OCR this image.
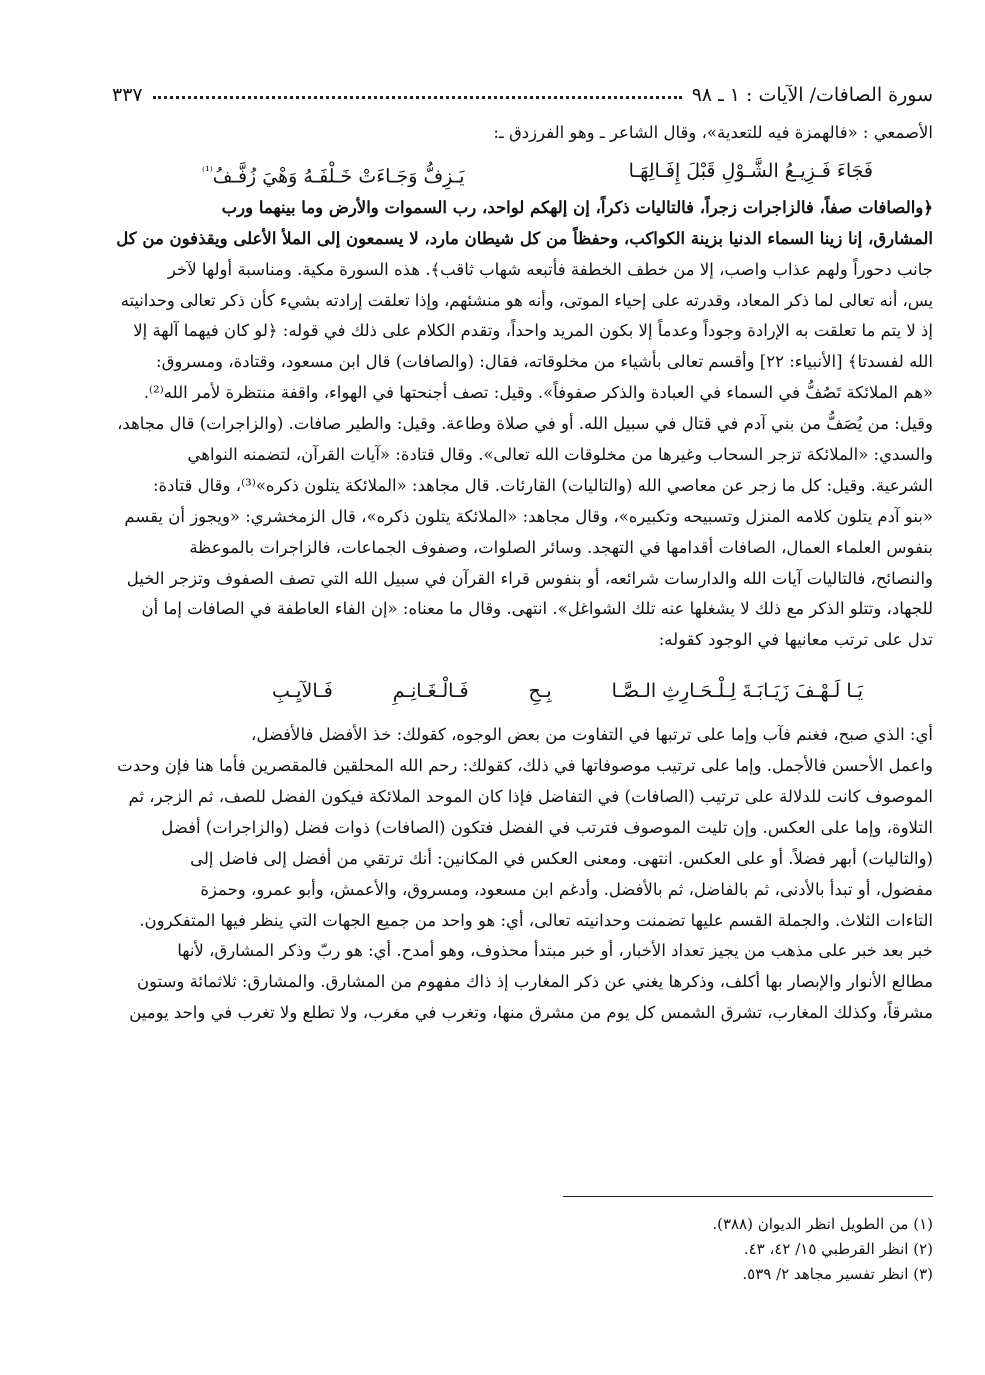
سورة الصافات/ الآيات : ١ ـ ٩٨
٣٣٧
الأصمعي : «فالهمزة فيه للتعدية»، وقال الشاعر ـ وهو الفرزدق ـ:
فَجَاءَ فَـزِيـعُ الشَّـوْلِ قَبْلَ إِفَـالِهَـا
يَـزِفُّ وَجَـاءَتْ خَـلْفَـهُ وَهْيَ زُفَّـفُ$^{^{(1)}}$
﴿والصافات صفاً، فالزاجرات زجراً، فالتاليات ذكراً، إن إلهكم لواحد، رب السموات والأرض وما بينهما ورب
المشارق، إنا زينا السماء الدنيا بزينة الكواكب، وحفظاً من كل شيطان مارد، لا يسمعون إلى الملأ الأعلى ويقذفون من كل
جانب دحوراً ولهم عذاب واصب، إلا من خطف الخطفة فأتبعه شهاب ثاقب﴾. هذه السورة مكية. ومناسبة أولها لآخر
يس، أنه تعالى لما ذكر المعاد، وقدرته على إحياء الموتى، وأنه هو منشئهم، وإذا تعلقت إرادته بشيء كأن ذكر تعالى وحدانيته
إذ لا يتم ما تعلقت به الإرادة وجوداً وعدماً إلا بكون المريد واحداً، وتقدم الكلام على ذلك في قوله: ﴿لو كان فيهما آلهة إلا
الله لفسدتا﴾ [الأنبياء: ٢٢] وأقسم تعالى بأشياء من مخلوقاته، فقال: (والصافات) قال ابن مسعود، وقتادة، ومسروق:
«هم الملائكة تَصُفُّ في السماء في العبادة والذكر صفوفاً». وقيل: تصف أجنحتها في الهواء، واقفة منتظرة لأمر الله⁽²⁾.
وقيل: من يُصَفُّ من بني آدم في قتال في سبيل الله. أو في صلاة وطاعة. وقيل: والطير صافات. (والزاجرات) قال مجاهد،
والسدي: «الملائكة تزجر السحاب وغيرها من مخلوقات الله تعالى». وقال قتادة: «آيات القرآن، لتضمنه النواهي
الشرعية. وقيل: كل ما زجر عن معاصي الله (والتاليات) القارئات. قال مجاهد: «الملائكة يتلون ذكره»⁽³⁾، وقال قتادة:
«بنو آدم يتلون كلامه المنزل وتسبيحه وتكبيره»، وقال مجاهد: «الملائكة يتلون ذكره»، قال الزمخشري: «ويجوز أن يقسم
بنفوس العلماء العمال، الصافات أقدامها في التهجد. وسائر الصلوات، وصفوف الجماعات، فالزاجرات بالموعظة
والنصائح، فالتاليات آيات الله والدارسات شرائعه، أو بنفوس قراء القرآن في سبيل الله التي تصف الصفوف وتزجر الخيل
للجهاد، وتتلو الذكر مع ذلك لا يشغلها عنه تلك الشواغل». انتهى. وقال ما معناه: «إن الفاء العاطفة في الصافات إما أن
تدل على ترتب معانيها في الوجود كقوله:
يَـا لَـهْـفَ زَيَـابَـةَ لِـلْـحَـارِثِ الـصَّـا
بِـحِ
فَـالْـغَـانِـمِ
فَـالآيِـبِ
أي: الذي صبح، فغنم فآب وإما على ترتبها في التفاوت من بعض الوجوه، كقولك: خذ الأفضل فالأفضل،
واعمل الأحسن فالأجمل. وإما على ترتيب موصوفاتها في ذلك، كقولك: رحم الله المحلقين فالمقصرين فأما هنا فإن وحدت
الموصوف كانت للدلالة على ترتيب (الصافات) في التفاضل فإذا كان الموحد الملائكة فيكون الفضل للصف، ثم الزجر، ثم
التلاوة، وإما على العكس. وإن تليت الموصوف فترتب في الفضل فتكون (الصافات) ذوات فضل (والزاجرات) أفضل
(والتاليات) أبهر فضلاً. أو على العكس. انتهى. ومعنى العكس في المكانين: أنك ترتقي من أفضل إلى فاضل إلى
مفضول، أو تبدأ بالأدنى، ثم بالفاضل، ثم بالأفضل. وأدغم ابن مسعود، ومسروق، والأعمش، وأبو عمرو، وحمزة
التاءات الثلاث. والجملة القسم عليها تضمنت وحدانيته تعالى، أي: هو واحد من جميع الجهات التي ينظر فيها المتفكرون.
خبر بعد خبر على مذهب من يجيز تعداد الأخبار، أو خبر مبتدأ محذوف، وهو أمدح. أي: هو ربّ وذكر المشارق، لأنها
مطالع الأنوار والإبصار بها أكلف، وذكرها يغني عن ذكر المغارب إذ ذاك مفهوم من المشارق. والمشارق: ثلاثمائة وستون
مشرقاً، وكذلك المغارب، تشرق الشمس كل يوم من مشرق منها، وتغرب في مغرب، ولا تطلع ولا تغرب في واحد يومين
(١) من الطويل انظر الديوان (٣٨٨).
(٢) انظر القرطبي ١٥/ ٤٢، ٤٣.
(٣) انظر تفسير مجاهد ٢/ ٥٣٩.
